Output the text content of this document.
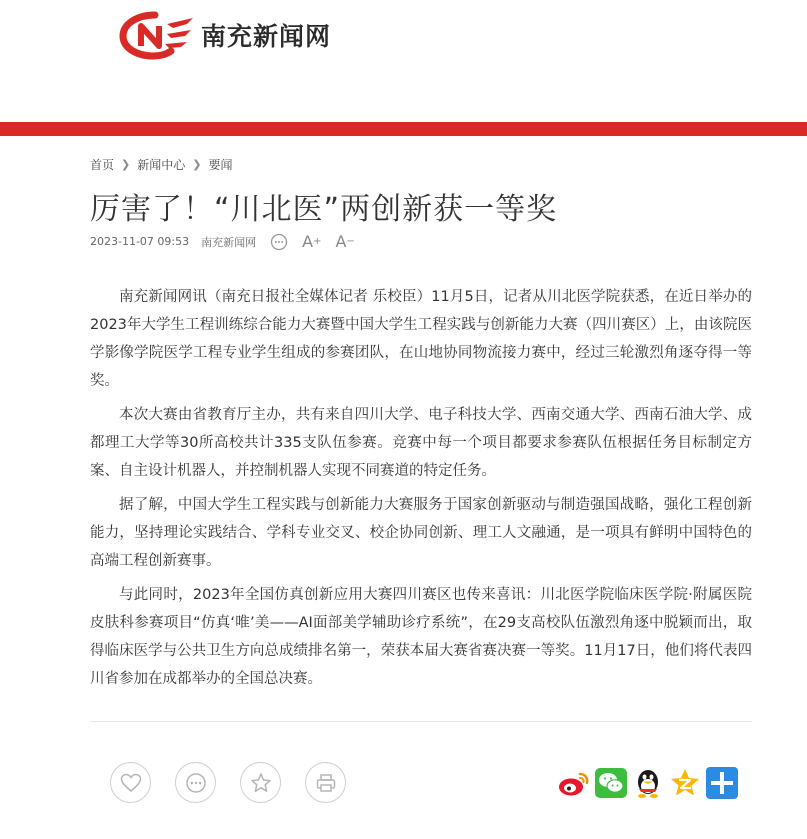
南充新闻网
首页 ❯ 新闻中心 ❯ 要闻
厉害了！“川北医”两创新获一等奖
2023-11-07 09:53 南充新闻网	A + A −

南充新闻网讯（南充日报社全媒体记者 乐校臣）11月5日，记者从川北医学院获悉，在近日举办的2023年大学生工程训练综合能力大赛暨中国大学生工程实践与创新能力大赛（四川赛区）上，由该院医学影像学院医学工程专业学生组成的参赛团队，在山地协同物流接力赛中，经过三轮激烈角逐夺得一等奖。

本次大赛由省教育厅主办，共有来自四川大学、电子科技大学、西南交通大学、西南石油大学、成都理工大学等30所高校共计335支队伍参赛。竞赛中每一个项目都要求参赛队伍根据任务目标制定方案、自主设计机器人，并控制机器人实现不同赛道的特定任务。

据了解，中国大学生工程实践与创新能力大赛服务于国家创新驱动与制造强国战略，强化工程创新能力，坚持理论实践结合、学科专业交叉、校企协同创新、理工人文融通，是一项具有鲜明中国特色的高端工程创新赛事。

与此同时，2023年全国仿真创新应用大赛四川赛区也传来喜讯：川北医学院临床医学院·附属医院皮肤科参赛项目“仿真‘唯’美——AI面部美学辅助诊疗系统”，在29支高校队伍激烈角逐中脱颖而出，取得临床医学与公共卫生方向总成绩排名第一，荣获本届大赛省赛决赛一等奖。11月17日，他们将代表四川省参加在成都举办的全国总决赛。
